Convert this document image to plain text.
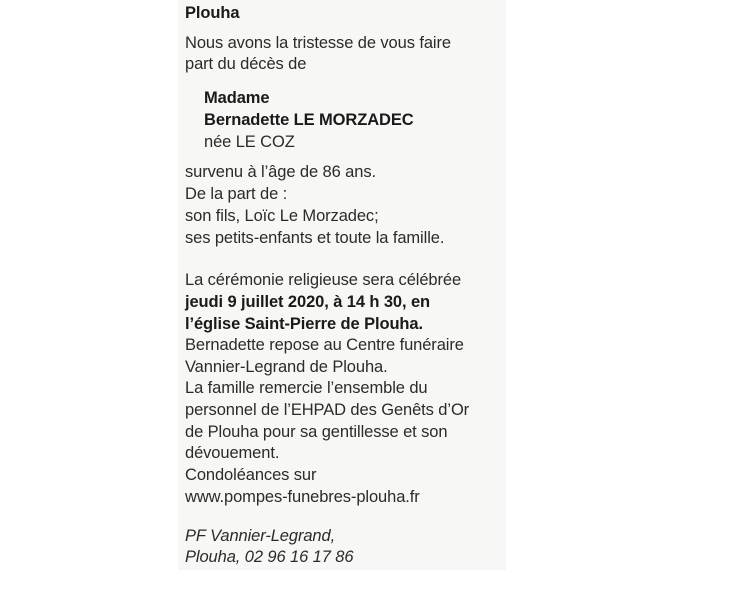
Plouha
Nous avons la tristesse de vous faire
part du décès de
Madame
Bernadette LE MORZADEC
née LE COZ
survenu à l’âge de 86 ans.
De la part de :
son fils, Loïc Le Morzadec;
ses petits-enfants et toute la famille.
La cérémonie religieuse sera célébrée
jeudi 9 juillet 2020, à 14 h 30, en
l’église Saint-Pierre de Plouha.
Bernadette repose au Centre funéraire
Vannier-Legrand de Plouha.
La famille remercie l’ensemble du
personnel de l’EHPAD des Genêts d’Or
de Plouha pour sa gentillesse et son
dévouement.
Condoléances sur
www.pompes-funebres-plouha.fr
PF Vannier-Legrand,
Plouha, 02 96 16 17 86
